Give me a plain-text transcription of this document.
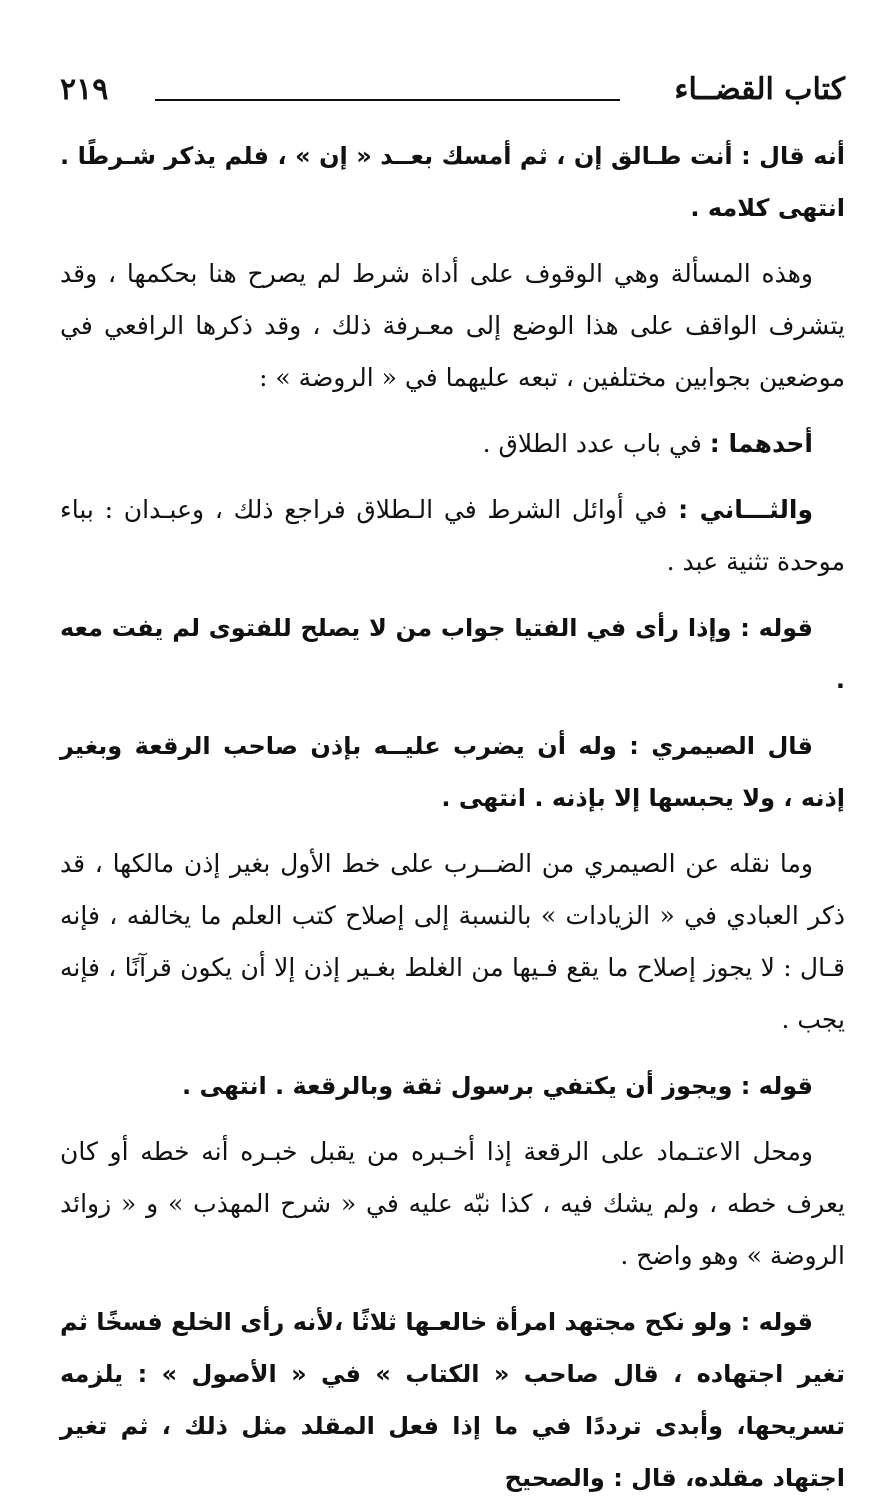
كتاب القضــاء
٢١٩

أنه قال : أنت طـالق إن ، ثم أمسك بعــد « إن » ، فلم يذكر شـرطًا . انتهى كلامه .

وهذه المسألة وهي الوقوف على أداة شرط لم يصرح هنا بحكمها ، وقد يتشرف الواقف على هذا الوضع إلى معـرفة ذلك ، وقد ذكرها الرافعي في موضعين بجوابين مختلفين ، تبعه عليهما في « الروضة » :

أحدهما : في باب عدد الطلاق .

والثـــاني : في أوائل الشرط في الـطلاق فراجع ذلك ، وعبـدان : بباء موحدة تثنية عبد .

قوله : وإذا رأى في الفتيا جواب من لا يصلح للفتوى لم يفت معه .

قال الصيمري : وله أن يضرب عليــه بإذن صاحب الرقعة وبغير إذنه ، ولا يحبسها إلا بإذنه . انتهى .

وما نقله عن الصيمري من الضــرب على خط الأول بغير إذن مالكها ، قد ذكر العبادي في « الزيادات » بالنسبة إلى إصلاح كتب العلم ما يخالفه ، فإنه قـال : لا يجوز إصلاح ما يقع فـيها من الغلط بغـير إذن إلا أن يكون قرآنًا ، فإنه يجب .

قوله : ويجوز أن يكتفي برسول ثقة وبالرقعة . انتهى .

ومحل الاعتـماد على الرقعة إذا أخـبره من يقبل خبـره أنه خطه أو كان يعرف خطه ، ولم يشك فيه ، كذا نبّه عليه في « شرح المهذب » و « زوائد الروضة » وهو واضح .

قوله : ولو نكح مجتهد امرأة خالعـها ثلاثًا ،لأنه رأى الخلع فسخًا ثم تغير اجتهاده ، قال صاحب « الكتاب » في « الأصول » : يلزمه تسريحها، وأبدى ترددًا في ما إذا فعل المقلد مثل ذلك ، ثم تغير اجتهاد مقلده، قال : والصحيح
